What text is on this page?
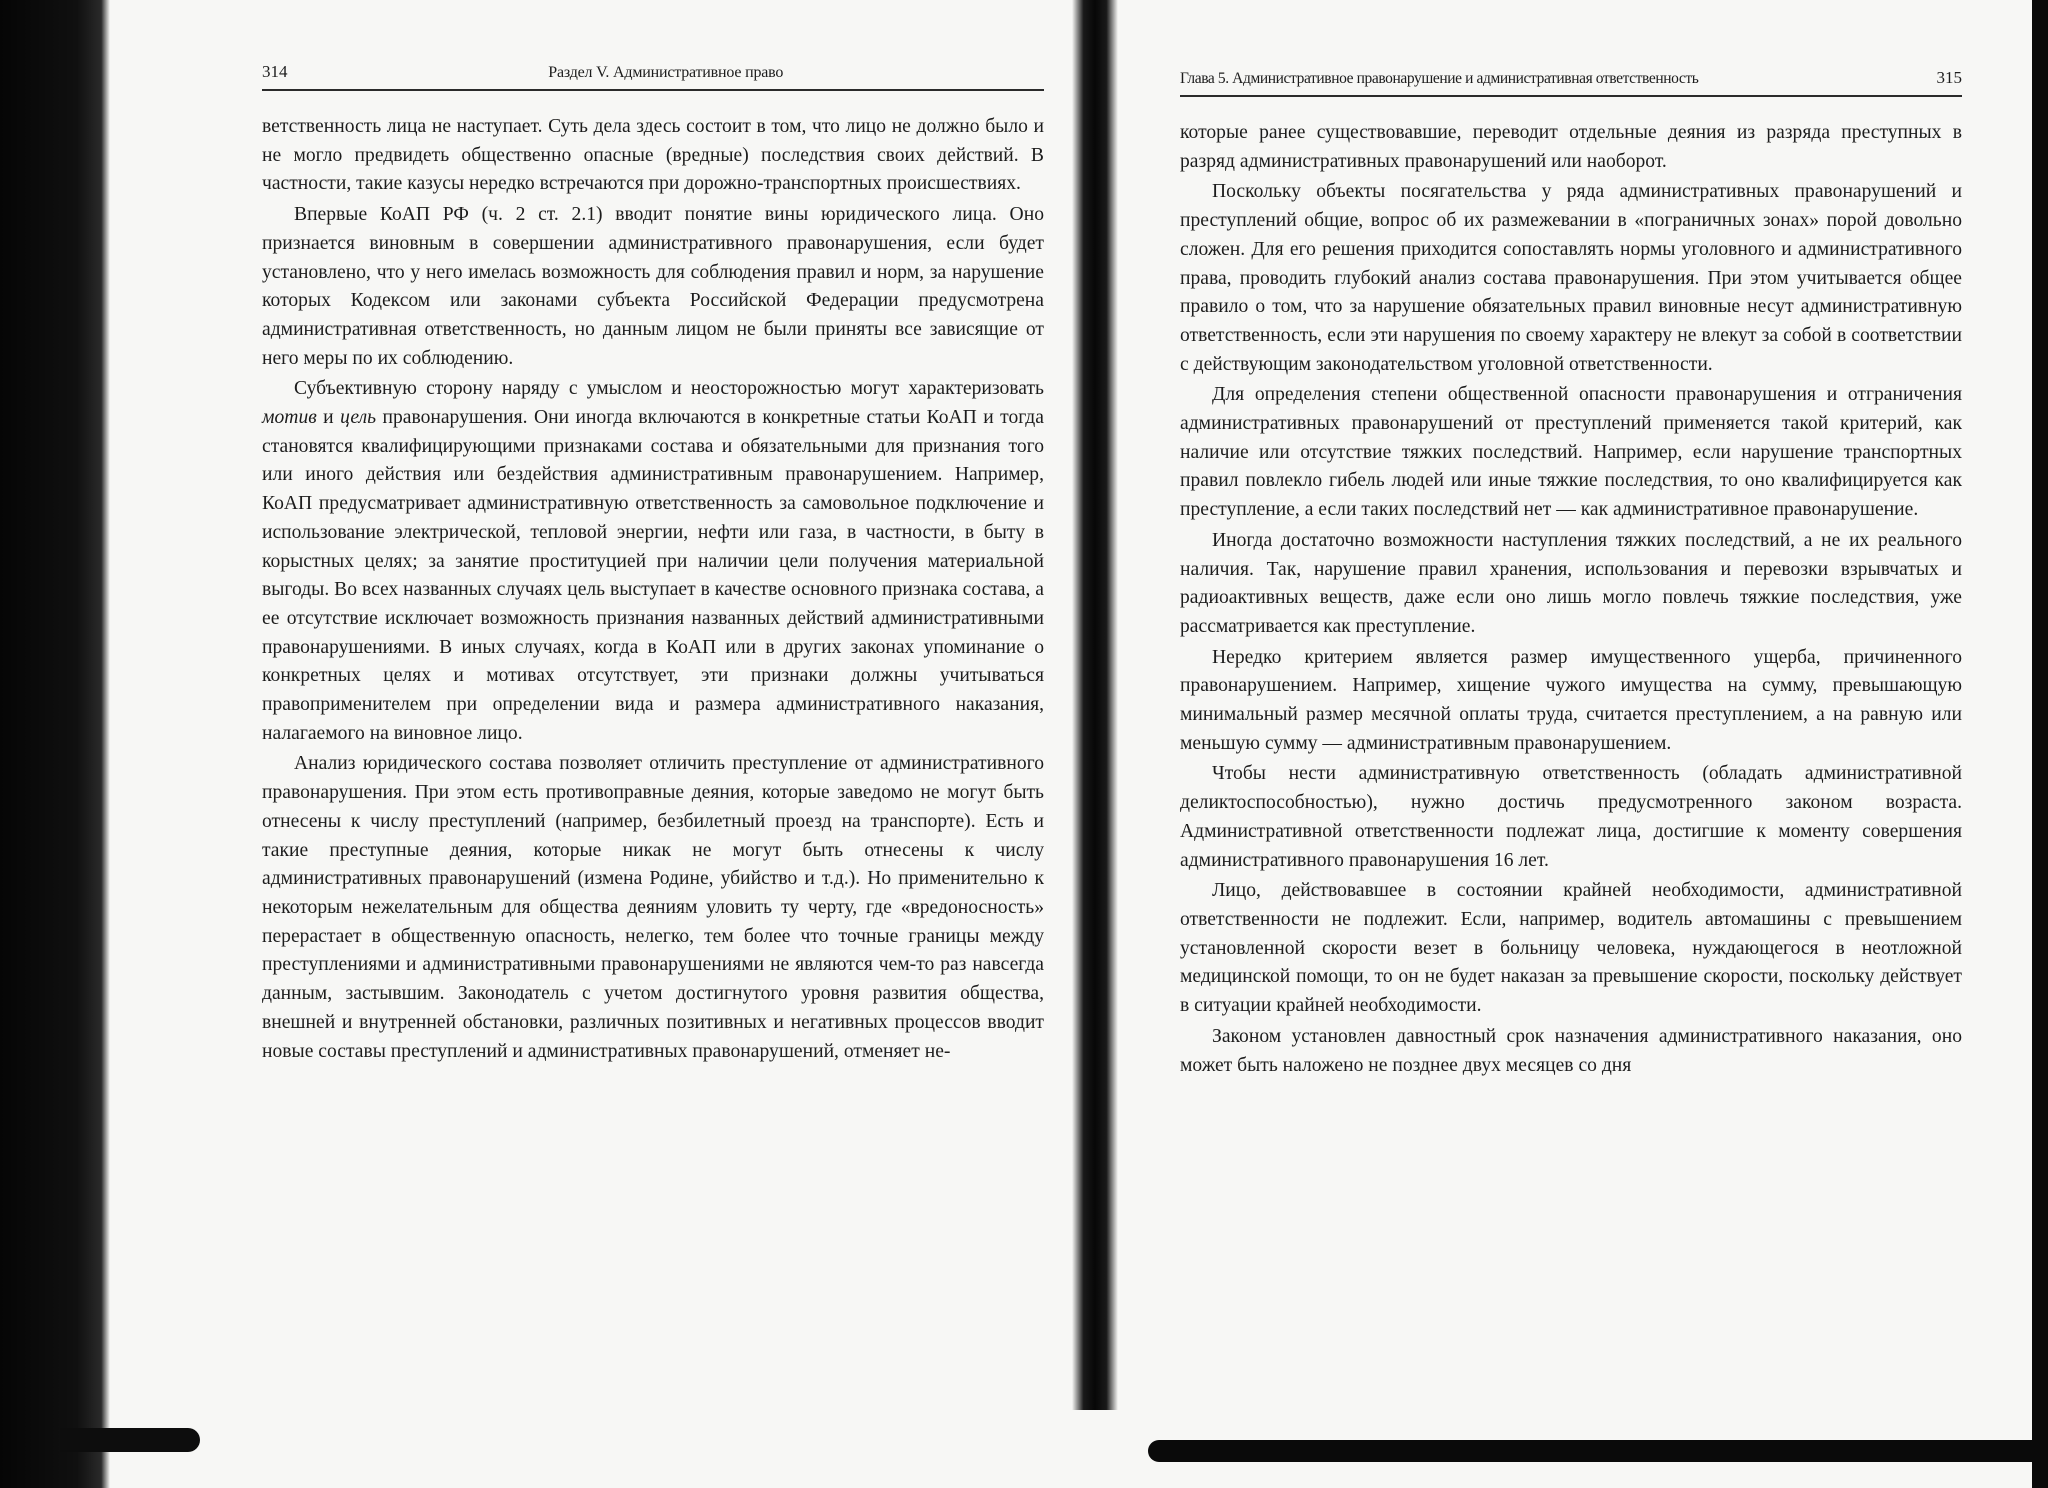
314	Раздел V. Административное право

ветственность лица не наступает. Суть дела здесь состоит в том, что лицо не должно было и не могло предвидеть общественно опасные (вредные) последствия своих действий. В частности, такие казусы нередко встречаются при дорожно-транспортных происшествиях.

Впервые КоАП РФ (ч. 2 ст. 2.1) вводит понятие вины юридического лица. Оно признается виновным в совершении административного правонарушения, если будет установлено, что у него имелась возможность для соблюдения правил и норм, за нарушение которых Кодексом или законами субъекта Российской Федерации предусмотрена административная ответственность, но данным лицом не были приняты все зависящие от него меры по их соблюдению.

Субъективную сторону наряду с умыслом и неосторожностью могут характеризовать мотив и цель правонарушения. Они иногда включаются в конкретные статьи КоАП и тогда становятся квалифицирующими признаками состава и обязательными для признания того или иного действия или бездействия административным правонарушением. Например, КоАП предусматривает административную ответственность за самовольное подключение и использование электрической, тепловой энергии, нефти или газа, в частности, в быту в корыстных целях; за занятие проституцией при наличии цели получения материальной выгоды. Во всех названных случаях цель выступает в качестве основного признака состава, а ее отсутствие исключает возможность признания названных действий административными правонарушениями. В иных случаях, когда в КоАП или в других законах упоминание о конкретных целях и мотивах отсутствует, эти признаки должны учитываться правоприменителем при определении вида и размера административного наказания, налагаемого на виновное лицо.

Анализ юридического состава позволяет отличить преступление от административного правонарушения. При этом есть противоправные деяния, которые заведомо не могут быть отнесены к числу преступлений (например, безбилетный проезд на транспорте). Есть и такие преступные деяния, которые никак не могут быть отнесены к числу административных правонарушений (измена Родине, убийство и т.д.). Но применительно к некоторым нежелательным для общества деяниям уловить ту черту, где «вредоносность» перерастает в общественную опасность, нелегко, тем более что точные границы между преступлениями и административными правонарушениями не являются чем-то раз навсегда данным, застывшим. Законодатель с учетом достигнутого уровня развития общества, внешней и внутренней обстановки, различных позитивных и негативных процессов вводит новые составы преступлений и административных правонарушений, отменяет не-

Глава 5. Административное правонарушение и административная ответственность	315

которые ранее существовавшие, переводит отдельные деяния из разряда преступных в разряд административных правонарушений или наоборот.

Поскольку объекты посягательства у ряда административных правонарушений и преступлений общие, вопрос об их размежевании в «пограничных зонах» порой довольно сложен. Для его решения приходится сопоставлять нормы уголовного и административного права, проводить глубокий анализ состава правонарушения. При этом учитывается общее правило о том, что за нарушение обязательных правил виновные несут административную ответственность, если эти нарушения по своему характеру не влекут за собой в соответствии с действующим законодательством уголовной ответственности.

Для определения степени общественной опасности правонарушения и отграничения административных правонарушений от преступлений применяется такой критерий, как наличие или отсутствие тяжких последствий. Например, если нарушение транспортных правил повлекло гибель людей или иные тяжкие последствия, то оно квалифицируется как преступление, а если таких последствий нет — как административное правонарушение.

Иногда достаточно возможности наступления тяжких последствий, а не их реального наличия. Так, нарушение правил хранения, использования и перевозки взрывчатых и радиоактивных веществ, даже если оно лишь могло повлечь тяжкие последствия, уже рассматривается как преступление.

Нередко критерием является размер имущественного ущерба, причиненного правонарушением. Например, хищение чужого имущества на сумму, превышающую минимальный размер месячной оплаты труда, считается преступлением, а на равную или меньшую сумму — административным правонарушением.

Чтобы нести административную ответственность (обладать административной деликтоспособностью), нужно достичь предусмотренного законом возраста. Административной ответственности подлежат лица, достигшие к моменту совершения административного правонарушения 16 лет.

Лицо, действовавшее в состоянии крайней необходимости, административной ответственности не подлежит. Если, например, водитель автомашины с превышением установленной скорости везет в больницу человека, нуждающегося в неотложной медицинской помощи, то он не будет наказан за превышение скорости, поскольку действует в ситуации крайней необходимости.

Законом установлен давностный срок назначения административного наказания, оно может быть наложено не позднее двух месяцев со дня
